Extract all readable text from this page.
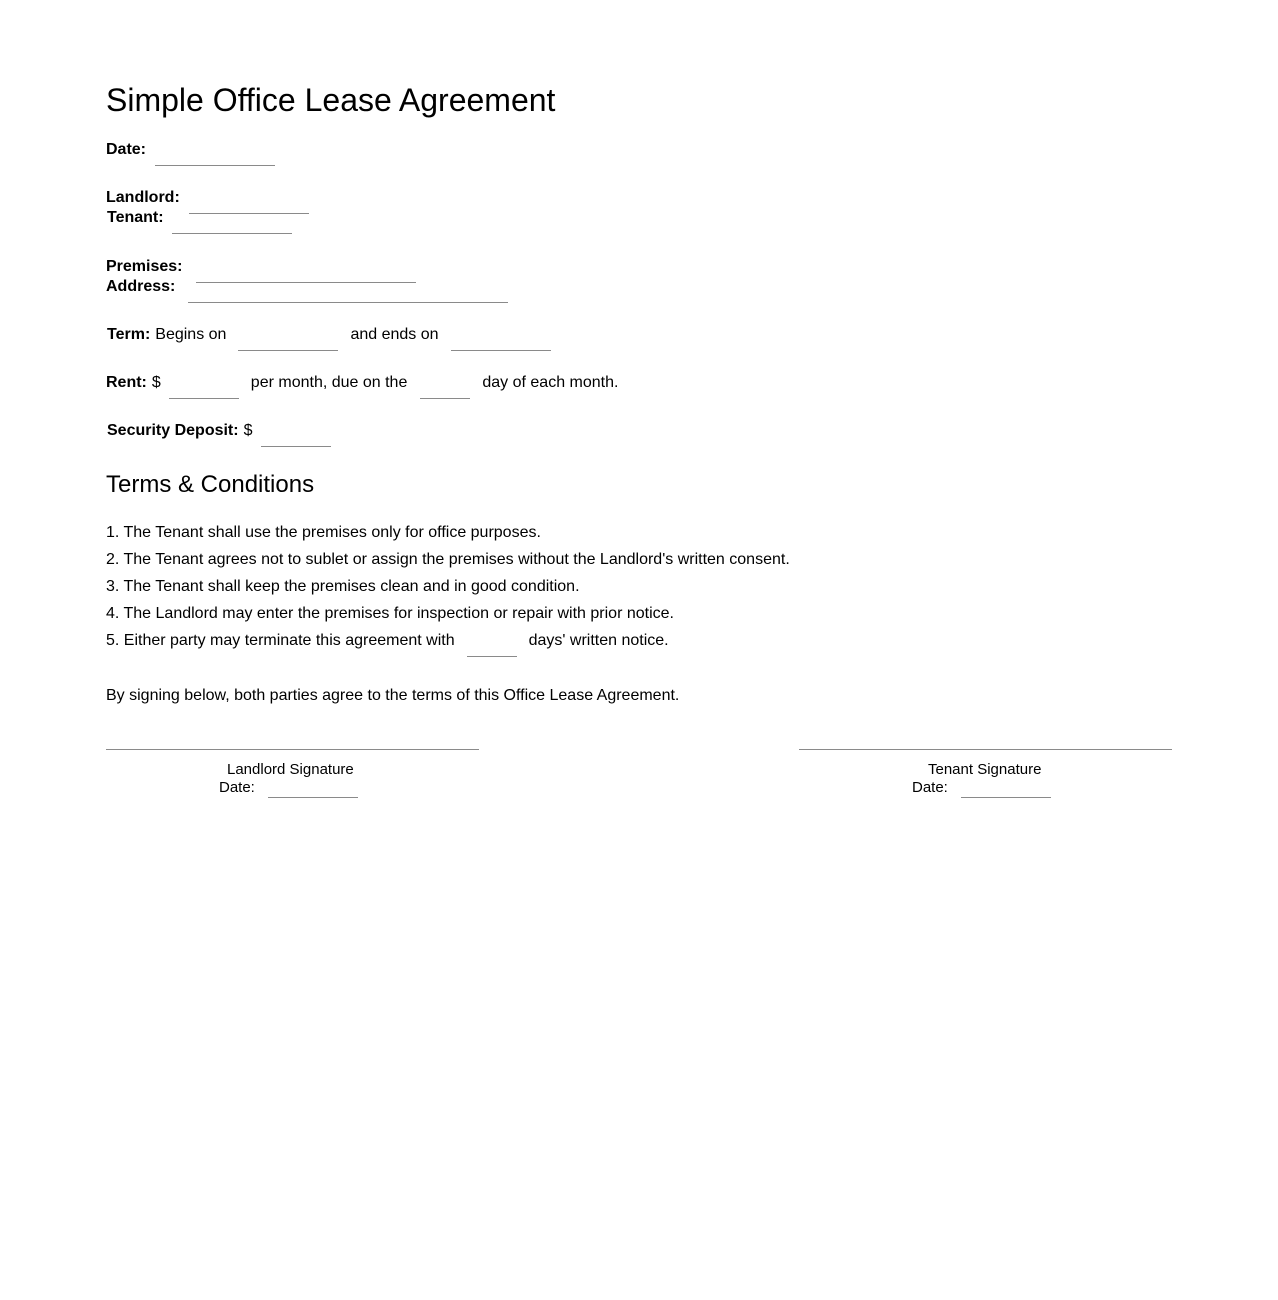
Simple Office Lease Agreement
Date:
Landlord:
Tenant:
Premises:
Address:
Term: Begins on	and ends on
Rent: $	per month, due on the	day of each month.
Security Deposit: $
Terms & Conditions
1. The Tenant shall use the premises only for office purposes.
2. The Tenant agrees not to sublet or assign the premises without the Landlord's written consent.
3. The Tenant shall keep the premises clean and in good condition.
4. The Landlord may enter the premises for inspection or repair with prior notice.
5. Either party may terminate this agreement with	days' written notice.
By signing below, both parties agree to the terms of this Office Lease Agreement.
Landlord Signature
Date:
Tenant Signature
Date:
